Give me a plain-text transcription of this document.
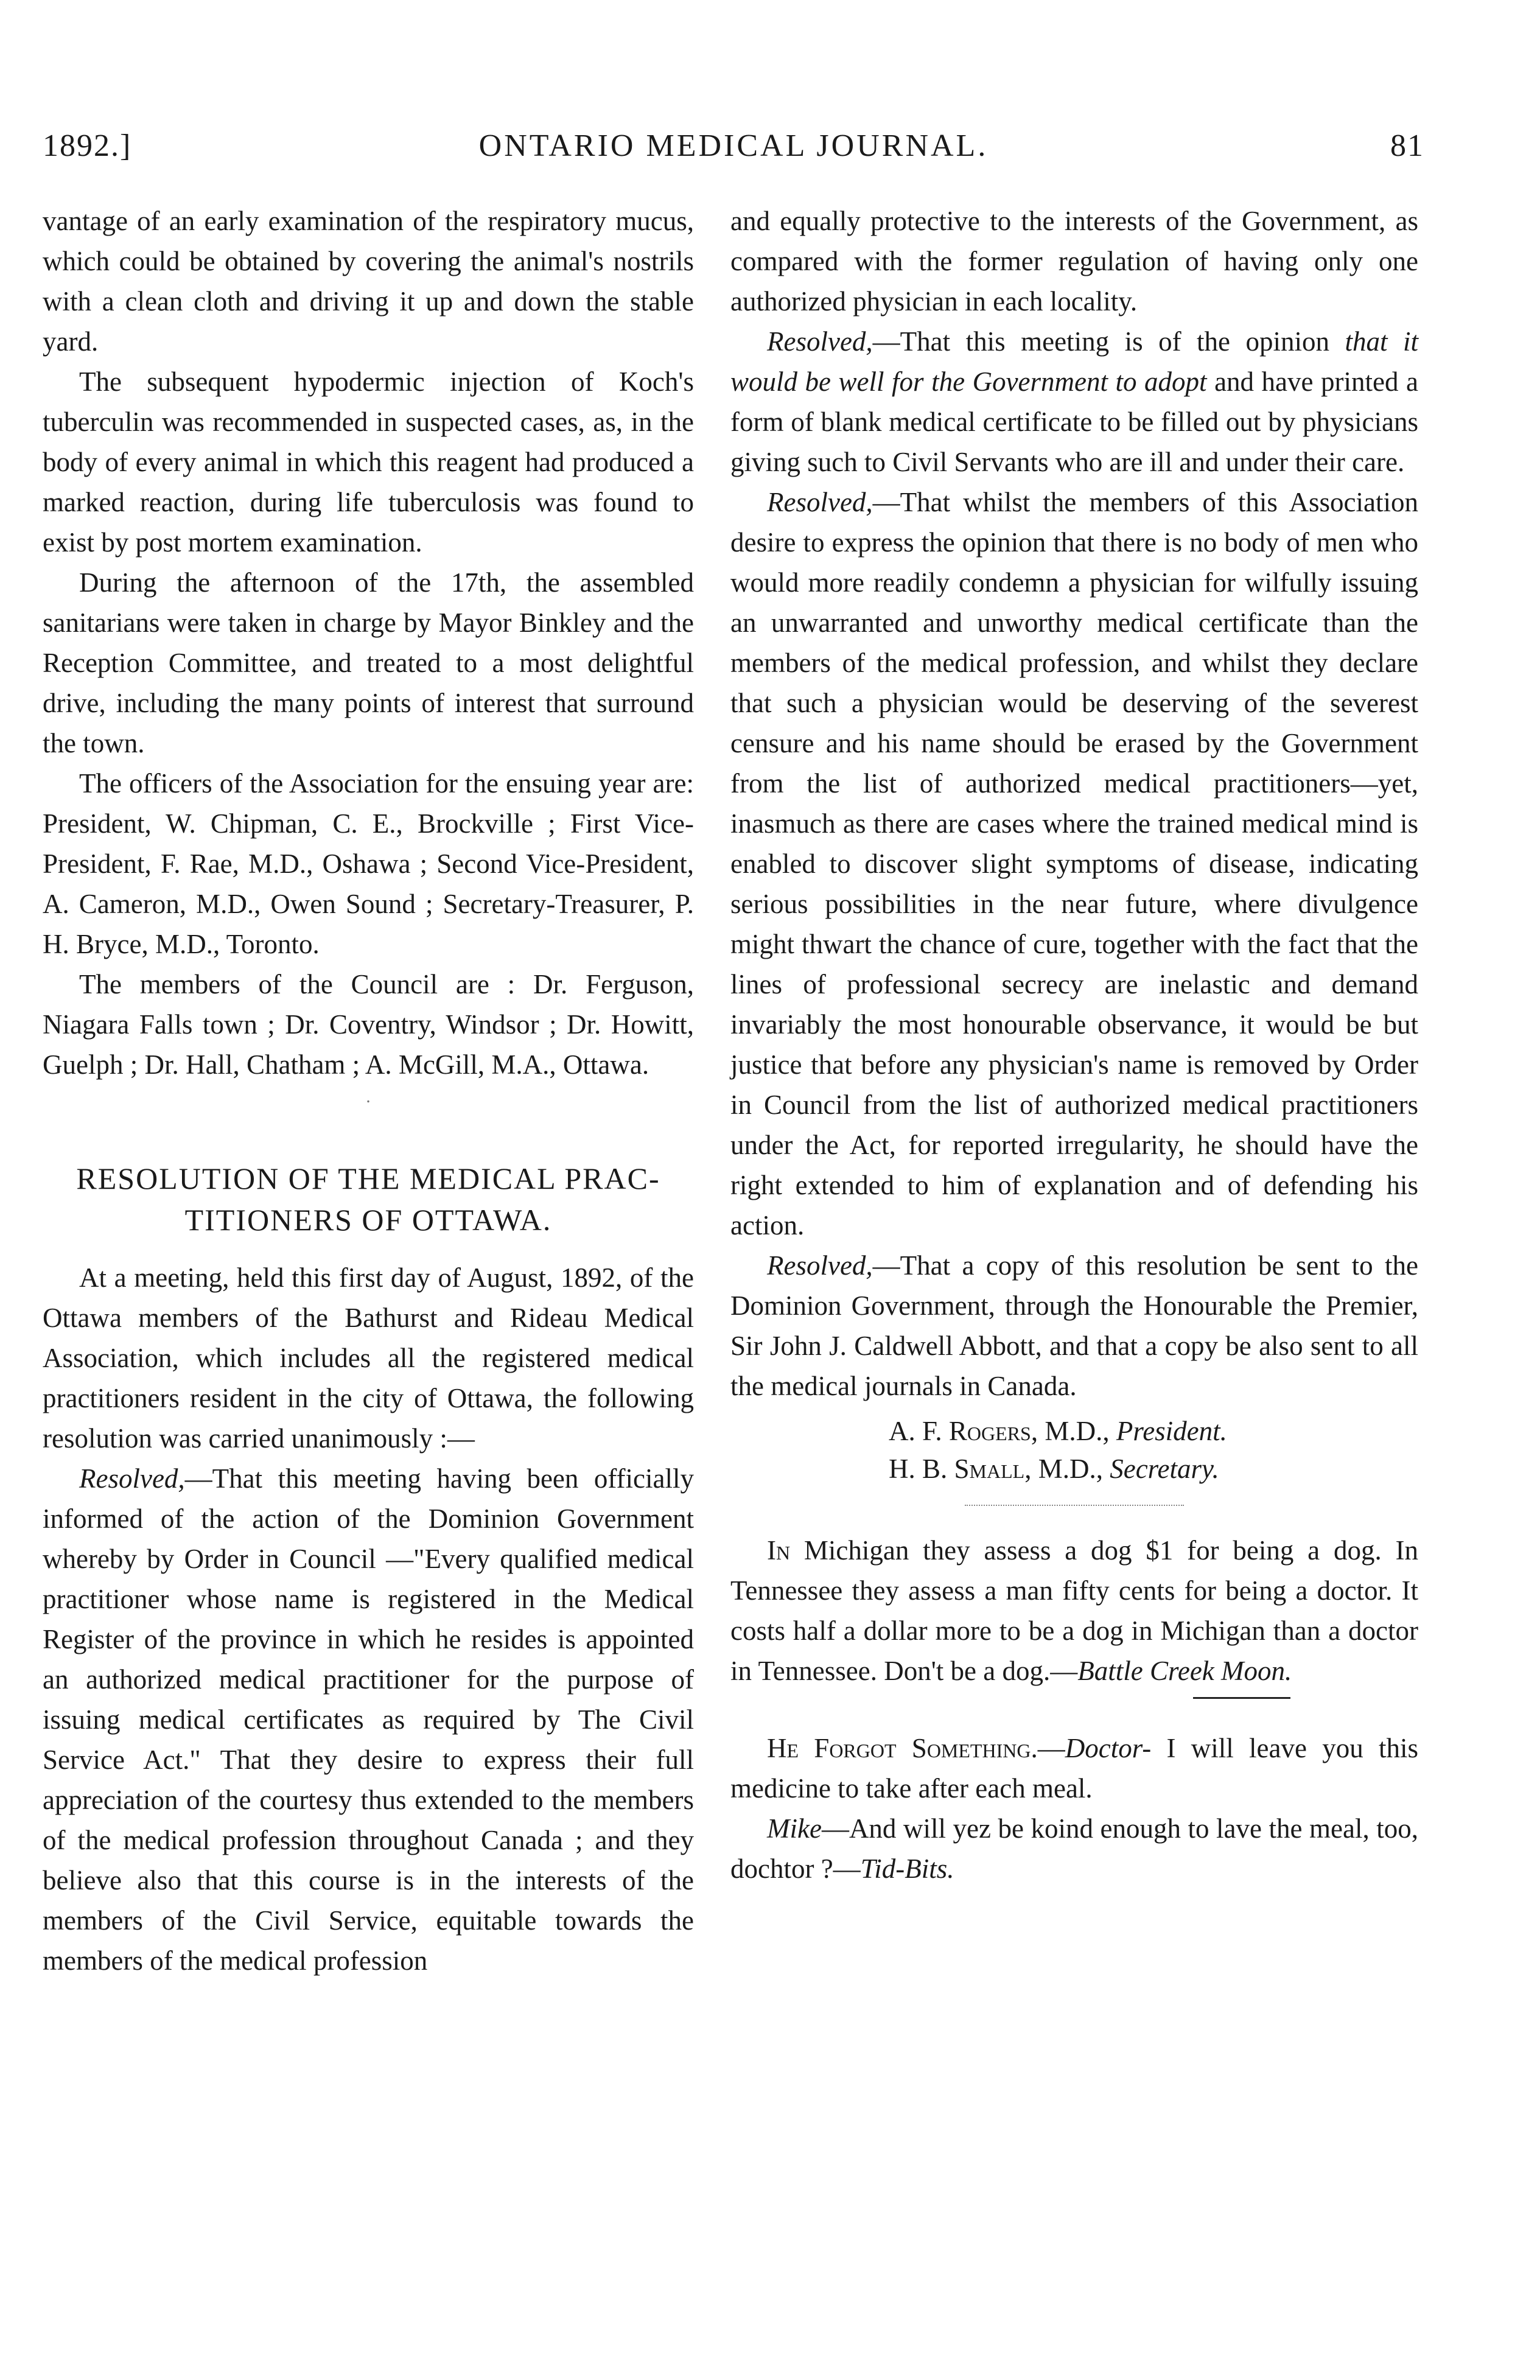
1892.]	ONTARIO MEDICAL JOURNAL.	81

vantage of an early examination of the respiratory mucus, which could be obtained by covering the animal's nostrils with a clean cloth and driving it up and down the stable yard.

The subsequent hypodermic injection of Koch's tuberculin was recommended in suspected cases, as, in the body of every animal in which this reagent had produced a marked reaction, during life tuberculosis was found to exist by post mortem examination.

During the afternoon of the 17th, the assembled sanitarians were taken in charge by Mayor Binkley and the Reception Committee, and treated to a most delightful drive, including the many points of interest that surround the town.

The officers of the Association for the ensuing year are: President, W. Chipman, C. E., Brockville ; First Vice-President, F. Rae, M.D., Oshawa ; Second Vice-President, A. Cameron, M.D., Owen Sound ; Secretary-Treasurer, P. H. Bryce, M.D., Toronto.

The members of the Council are : Dr. Ferguson, Niagara Falls town ; Dr. Coventry, Windsor ; Dr. Howitt, Guelph ; Dr. Hall, Chatham ; A. McGill, M.A., Ottawa.

.
RESOLUTION OF THE MEDICAL PRAC-
TITIONERS OF OTTAWA.

At a meeting, held this first day of August, 1892, of the Ottawa members of the Bathurst and Rideau Medical Association, which includes all the registered medical practitioners resident in the city of Ottawa, the following resolution was carried unanimously :—

Resolved,—That this meeting having been officially informed of the action of the Dominion Government whereby by Order in Council —"Every qualified medical practitioner whose name is registered in the Medical Register of the province in which he resides is appointed an authorized medical practitioner for the purpose of issuing medical certificates as required by The Civil Service Act." That they desire to express their full appreciation of the courtesy thus extended to the members of the medical profession throughout Canada ; and they believe also that this course is in the interests of the members of the Civil Service, equitable towards the members of the medical profession

and equally protective to the interests of the Government, as compared with the former regulation of having only one authorized physician in each locality.

Resolved,—That this meeting is of the opinion that it would be well for the Government to adopt and have printed a form of blank medical certificate to be filled out by physicians giving such to Civil Servants who are ill and under their care.

Resolved,—That whilst the members of this Association desire to express the opinion that there is no body of men who would more readily condemn a physician for wilfully issuing an unwarranted and unworthy medical certificate than the members of the medical profession, and whilst they declare that such a physician would be deserving of the severest censure and his name should be erased by the Government from the list of authorized medical practitioners—yet, inasmuch as there are cases where the trained medical mind is enabled to discover slight symptoms of disease, indicating serious possibilities in the near future, where divulgence might thwart the chance of cure, together with the fact that the lines of professional secrecy are inelastic and demand invariably the most honourable observance, it would be but justice that before any physician's name is removed by Order in Council from the list of authorized medical practitioners under the Act, for reported irregularity, he should have the right extended to him of explanation and of defending his action.

Resolved,—That a copy of this resolution be sent to the Dominion Government, through the Honourable the Premier, Sir John J. Caldwell Abbott, and that a copy be also sent to all the medical journals in Canada.

A. F. Rogers, M.D., President.
H. B. Small, M.D., Secretary.

In Michigan they assess a dog $1 for being a dog. In Tennessee they assess a man fifty cents for being a doctor. It costs half a dollar more to be a dog in Michigan than a doctor in Tennessee. Don't be a dog.—Battle Creek Moon.

He Forgot Something.—Doctor- I will leave you this medicine to take after each meal.

Mike—And will yez be koind enough to lave the meal, too, dochtor ?—Tid-Bits.
